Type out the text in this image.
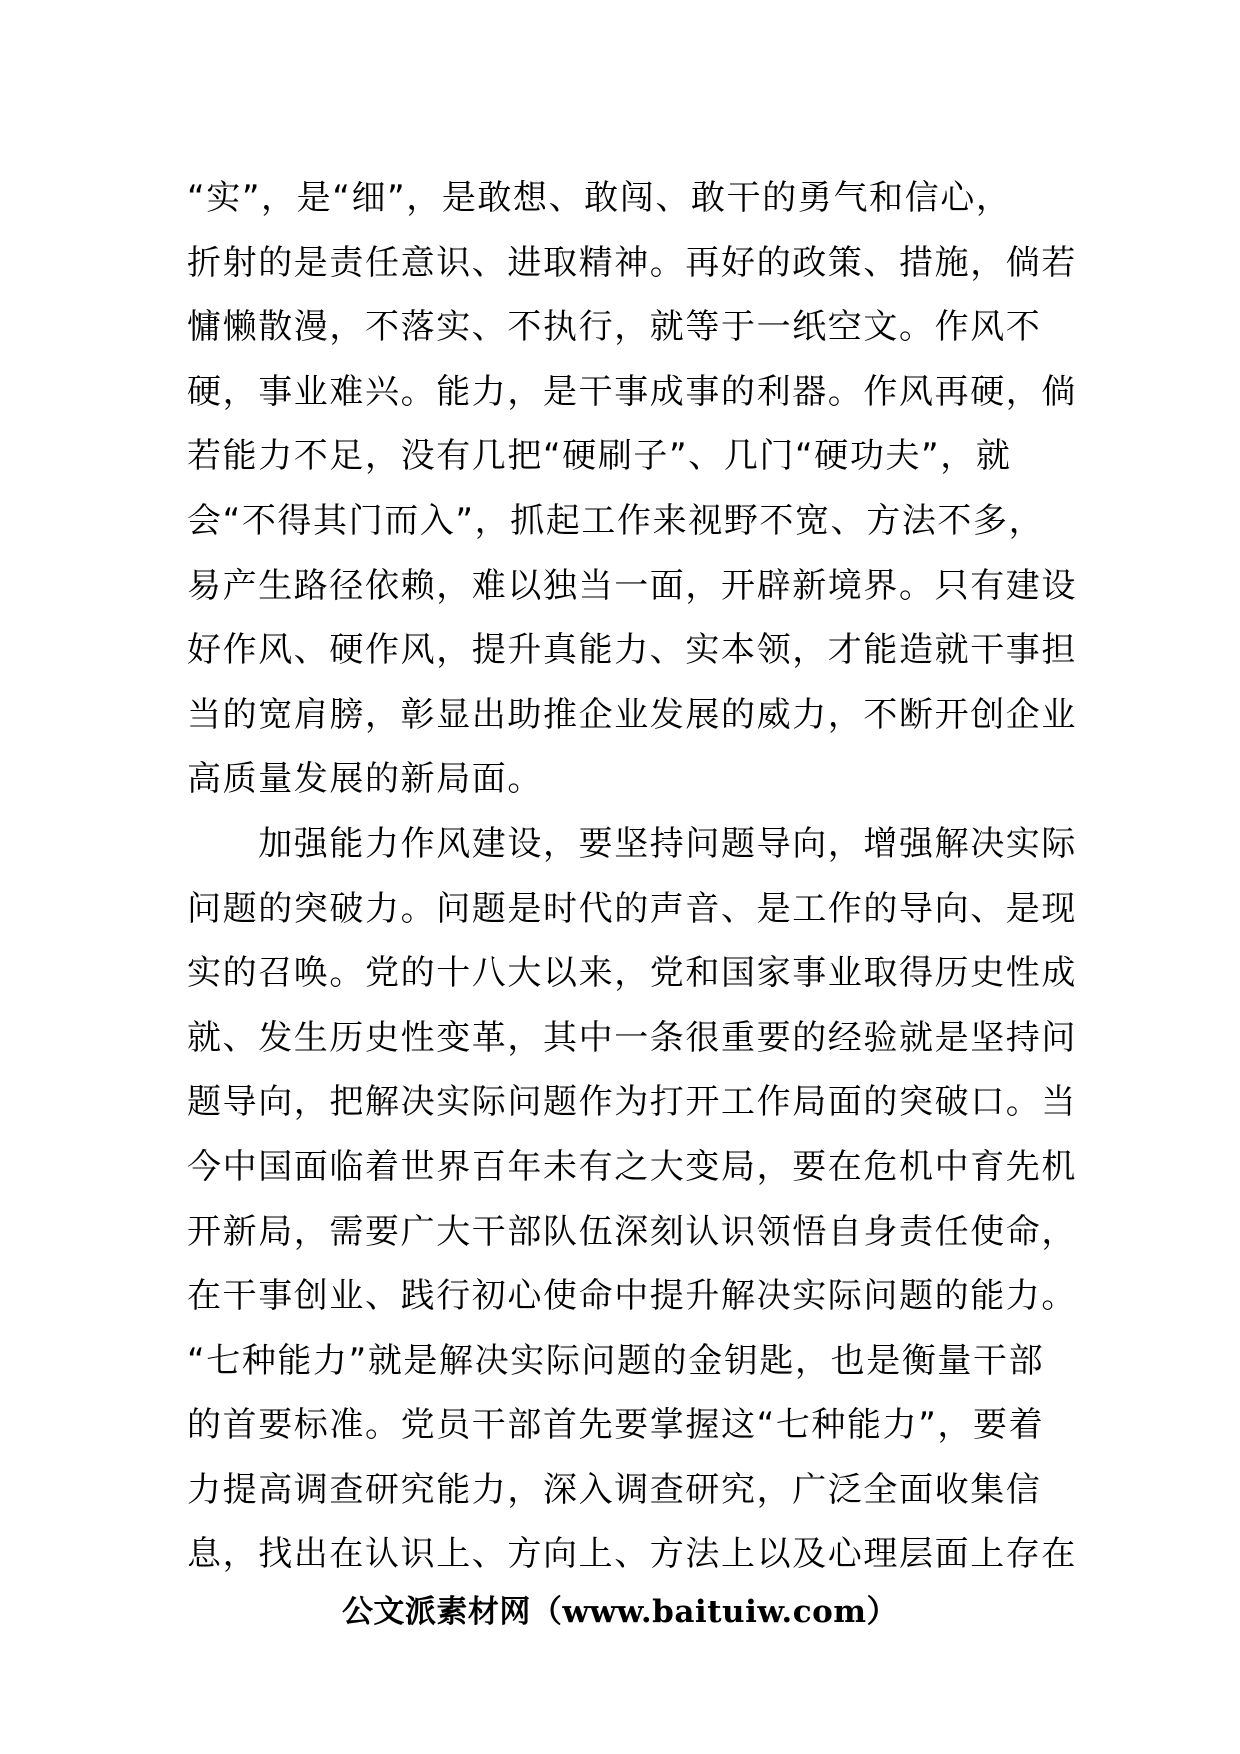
“实”，是“细”，是敢想、敢闯、敢干的勇气和信心，
折射的是责任意识、进取精神。再好的政策、措施，倘若
慵懒散漫，不落实、不执行，就等于一纸空文。作风不
硬，事业难兴。能力，是干事成事的利器。作风再硬，倘
若能力不足，没有几把“硬刷子”、几门“硬功夫”，就
会“不得其门而入”，抓起工作来视野不宽、方法不多，
易产生路径依赖，难以独当一面，开辟新境界。只有建设
好作风、硬作风，提升真能力、实本领，才能造就干事担
当的宽肩膀，彰显出助推企业发展的威力，不断开创企业
高质量发展的新局面。
　　加强能力作风建设，要坚持问题导向，增强解决实际
问题的突破力。问题是时代的声音、是工作的导向、是现
实的召唤。党的十八大以来，党和国家事业取得历史性成
就、发生历史性变革，其中一条很重要的经验就是坚持问
题导向，把解决实际问题作为打开工作局面的突破口。当
今中国面临着世界百年未有之大变局，要在危机中育先机
开新局，需要广大干部队伍深刻认识领悟自身责任使命，
在干事创业、践行初心使命中提升解决实际问题的能力。
“七种能力”就是解决实际问题的金钥匙，也是衡量干部
的首要标准。党员干部首先要掌握这“七种能力”，要着
力提高调查研究能力，深入调查研究，广泛全面收集信
息，找出在认识上、方向上、方法上以及心理层面上存在
公文派素材网（www.baituiw.com）
